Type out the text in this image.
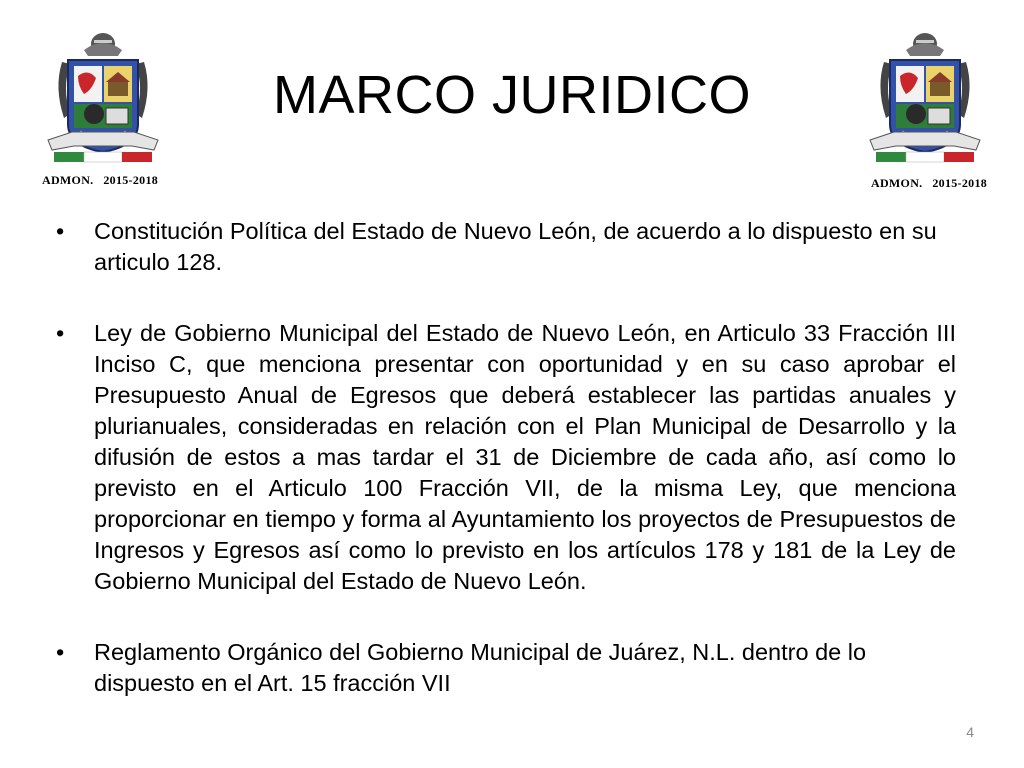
ADMON.   2015-2018
MARCO JURIDICO
ADMON.   2015-2018

• Constitución Política del Estado de Nuevo León, de acuerdo a lo dispuesto en su articulo 128.

• Ley de Gobierno Municipal del Estado de Nuevo León, en Articulo 33 Fracción III Inciso C, que menciona presentar con oportunidad y en su caso aprobar el Presupuesto Anual de Egresos que deberá establecer las partidas anuales y plurianuales, consideradas en relación con el Plan Municipal de Desarrollo y la difusión de estos a mas tardar el 31 de Diciembre de cada año, así como lo previsto en el Articulo 100 Fracción VII, de la misma Ley, que menciona proporcionar en tiempo y forma al Ayuntamiento los proyectos de Presupuestos de Ingresos y Egresos así como lo previsto en los artículos 178 y 181 de la Ley de Gobierno Municipal del Estado de Nuevo León.

• Reglamento Orgánico del Gobierno Municipal de Juárez, N.L. dentro de lo dispuesto en el Art. 15 fracción VII

4
